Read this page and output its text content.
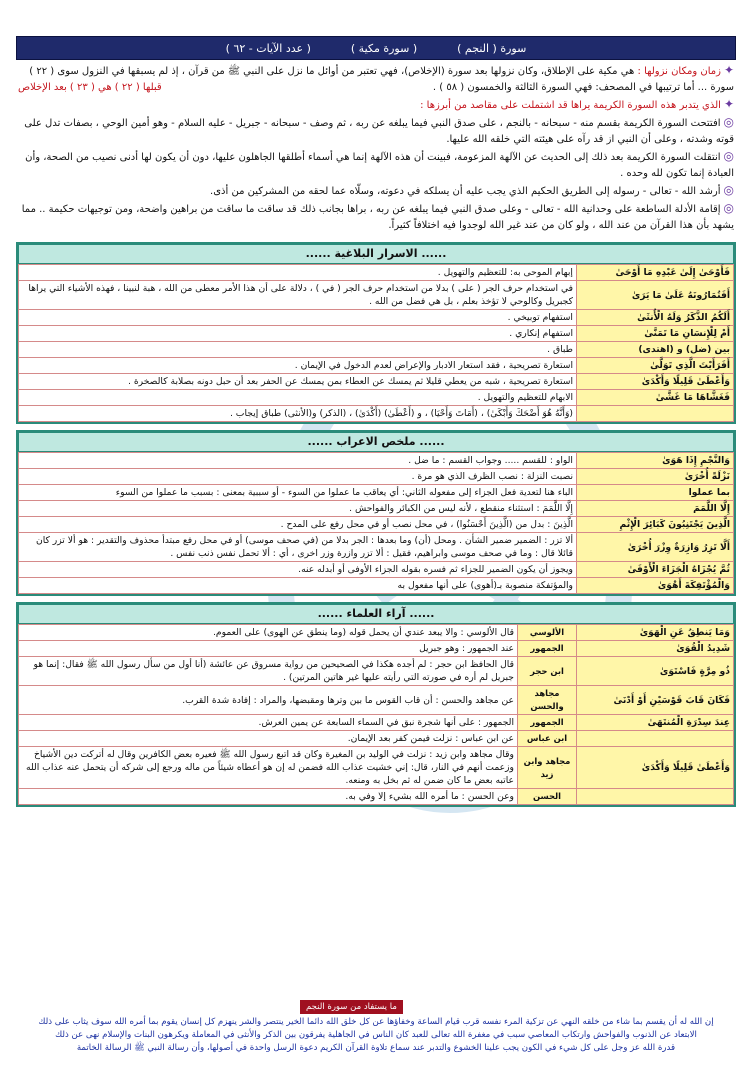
سورة ( النجم )
( سورة مكية )
( عدد الآيات - ٦٢ )

✦زمان ومكان نزولها : هي مكية على الإطلاق، وكان نزولها بعد سورة (الإخلاص)، فهي تعتبر من أوائل ما نزل على النبي ﷺ من قرآن ، إذ لم يسبقها في النزول سوى ( ٢٢ )

سورة ... أما ترتيبها في المصحف: فهي السورة الثالثة والخمسون ( ٥٨ ) .
قبلها ( ٢٢ ) هي ( ٢٣ ) بعد الإخلاص

✦الذي يتدبر هذه السورة الكريمة يراها قد اشتملت على مقاصد من أبرزها :

◎افتتحت السورة الكريمة بقسم منه - سبحانه - بالنجم ، على صدق النبي فيما يبلغه عن ربه ، ثم وصف - سبحانه - جبريل - عليه السلام - وهو أمين الوحي ، بصفات تدل على قوته وشدته ، وعلى أن النبي از قد رآه على هيئته التي خلقه الله عليها.

◎انتقلت السورة الكريمة بعد ذلك إلى الحديث عن الآلهة المزعومة، فبينت أن هذه الآلهة إنما هي أسماء أطلقها الجاهلون عليها، دون أن يكون لها أدنى نصيب من الصحة، وأن العبادة إنما تكون لله وحده .

◎أرشد الله - تعالى - رسوله إلى الطريق الحكيم الذي يجب عليه أن يسلكه في دعوته، وسلّاه عما لحقه من المشركين من أذى.

◎إقامة الأدلة الساطعة على وحدانية الله - تعالى - وعلى صدق النبي فيما يبلغه عن ربه ، براها بجانب ذلك قد ساقت ما ساقت من براهين واضحة، ومن توجيهات حكيمة .. مما يشهد بأن هذا القرآن من عند الله ، ولو كان من عند غير الله لوجدوا فيه اختلافاً كثيراً.

...... الاسرار البلاغية ......
فَأَوْحَىٰ إِلَىٰ عَبْدِهِ مَا أَوْحَىٰ	إبهام الموحى به: للتعظيم والتهويل .
أَفَتُمَارُونَهُ عَلَىٰ مَا يَرَىٰ	في استخدام حرف الجر ( على ) بدلا من استخدام حرف الجر ( في ) ، دلالة على أن هذا الأمر معطى من الله ، هبة لنبينا ، فهذه الأشياء التي يراها كجبريل وكالوحي لا تؤخذ بعلم ، بل هي فضل من الله .
أَلَكُمُ الذَّكَرُ وَلَهُ الْأُنثَىٰ	استفهام توبيخي .
أَمْ لِلْإِنسَانِ مَا تَمَنَّىٰ	استفهام إنكاري .
بين (ضل) و (اهتدى)	طباق .
أَفَرَأَيْتَ الَّذِي تَوَلَّىٰ	استعارة تصريحية ، فقد استعار الادبار والإعراض لعدم الدخول في الإيمان .
وَأَعْطَىٰ قَلِيلًا وَأَكْدَىٰ	استعارة تصريحية ، شبه من يعطي قليلا ثم يمسك عن العطاء بمن يمسك عن الحفر بعد أن حبل دونه بصلابة كالصخرة .
فَغَشَّاهَا مَا غَشَّىٰ	الابهام للتعظيم والتهويل .
	(وَأَنَّهُ هُوَ أَضْحَكَ وَأَبْكَىٰ) ، (أَمَاتَ وَأَحْيَا) ، و (أَعْطَىٰ) (أَكْدَىٰ) ، (الذكر) و(الأنثى) طباق إيجاب .
...... ملخص الاعراب ......
وَالنَّجْمِ إِذَا هَوَىٰ	الواو : للقسم ..... وجواب القسم : ما ضل .
نَزْلَةً أُخْرَىٰ	نصبت النزلة : نصب الظرف الذي هو مرة .
بما عملوا	الباء هنا لتعدية فعل الجزاء إلى مفعوله الثاني: أي يعاقب ما عملوا من السوء - أو سببية بمعنى : بسبب ما عملوا من السوء
إِلَّا اللَّمَمَ	إِلَّا اللَّمَمَ : استثناء منقطع ، لأنه ليس من الكبائر والفواحش .
الَّذِينَ يَجْتَنِبُونَ كَبَائِرَ الْإِثْمِ	الَّذِينَ : بدل من (الَّذِينَ أَحْسَنُوا) ، في محل نصب أو في محل رفع على المدح .
أَلَّا تَزِرُ وَازِرَةٌ وِزْرَ أُخْرَىٰ	ألا تزر : الضمير ضمير الشأن . ومحل (أن) وما بعدها : الجر بدلا من (في صحف موسى) أو في محل رفع مبتدأ محذوف والتقدير : هو ألا تزر كان قائلا قال : وما في صحف موسى وابراهيم، فقيل : ألا تزر وازرة وزر اخرى ، أي : ألا تحمل نفس ذنب نفس .
ثُمَّ يُجْزَاهُ الْجَزَاءَ الْأَوْفَىٰ	ويجوز أن يكون الضمير للجزاء ثم فسره بقوله الجزاء الأوفى أو أبدله عنه.
وَالْمُؤْتَفِكَةَ أَهْوَىٰ	والمؤتفكة منصوبة بـ(أهوى) على أنها مفعول به
...... آراء العلماء ......
وَمَا يَنطِقُ عَنِ الْهَوَىٰ	الألوسي	قال الألوسي : والا يبعد عندي أن يحمل قوله (وما ينطق عن الهوى) على العموم.
شَدِيدُ الْقُوَىٰ	الجمهور	عند الجمهور : وهو جبريل
ذُو مِرَّةٍ فَاسْتَوَىٰ	ابن حجر	قال الحافظ ابن حجر : لم أجده هكذا في الصحيحين من رواية مسروق عن عائشة (أنا أول من سأل رسول الله ﷺ فقال: إنما هو جبريل لم أره في صورته التي رأيته عليها غير هاتين المرتين) .
فَكَانَ قَابَ قَوْسَيْنِ أَوْ أَدْنَىٰ	مجاهد والحسن	عن مجاهد والحسن : أن قاب القوس ما بين وترها ومقبضها، والمراد : إفادة شدة القرب.
عِندَ سِدْرَةِ الْمُنتَهَىٰ	الجمهور	الجمهور : على أنها شجرة نبق في السماء السابعة عن يمين العرش.
	ابن عباس	عن ابن عباس : نزلت فيمن كفر بعد الإيمان.
وَأَعْطَىٰ قَلِيلًا وَأَكْدَىٰ	مجاهد وابن زيد	وقال مجاهد وابن زيد : نزلت في الوليد بن المغيرة وكان قد اتبع رسول الله ﷺ فعيره بعض الكافرين وقال له أتركت دين الأشياخ وزعمت أنهم في النار، قال: إني خشيت عذاب الله فضمن له إن هو أعطاه شيئاً من ماله ورجع إلى شركه أن يتحمل عنه عذاب الله عاتبه بعض ما كان ضمن له ثم بخل به ومنعه.
	الحسن	وعن الحسن : ما أمره الله بشيء إلا وفي به.
ما يستفاد من سورة النجم
إن الله له أن يقسم بما شاء من خلقه النهي عن تزكية المرء نفسه قرب قيام الساعة وخفاؤها عن كل خلق الله دائما الخير ينتصر والشر ينهزم كل إنسان يقوم بما أمره الله سوف يثاب على ذلك
الابتعاد عن الذنوب والفواحش وارتكاب المعاصي سبب في مغفرة الله تعالى للعبد كان الناس في الجاهلية يفرقون بين الذكر والأنثى في المعاملة ويكرهون البنات والإسلام نهى عن ذلك
قدرة الله عز وجل على كل شيء في الكون يجب علينا الخشوع والتدبر عند سماع تلاوة القرآن الكريم دعوة الرسل واحدة في أصولها، وأن رسالة النبي ﷺ الرسالة الخاتمة
